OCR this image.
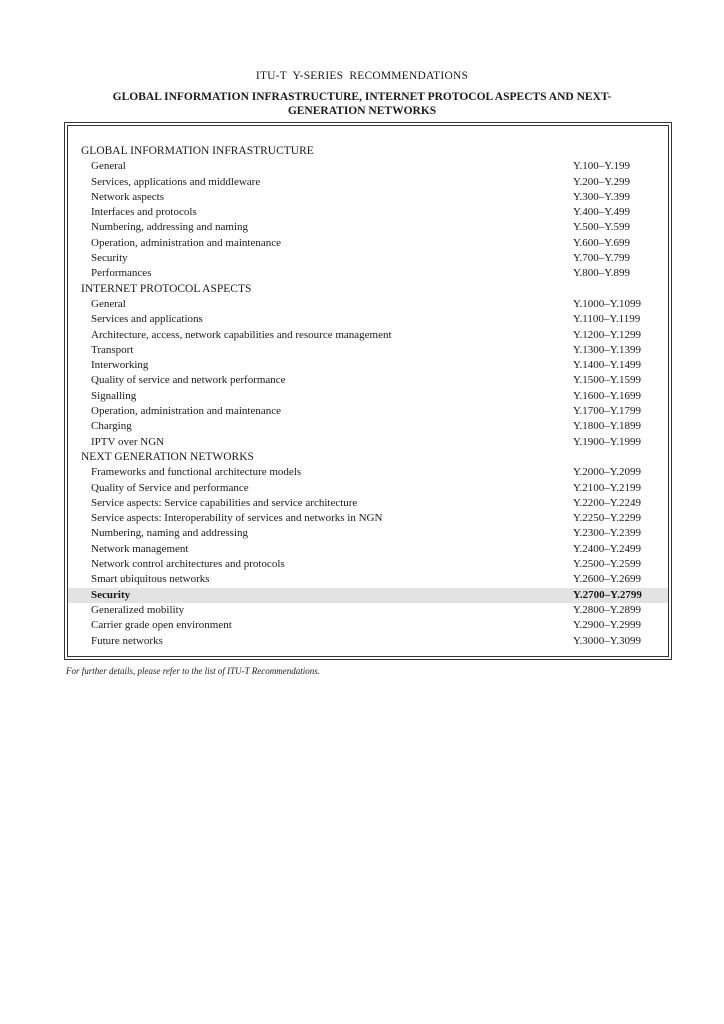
ITU-T  Y-SERIES  RECOMMENDATIONS
GLOBAL INFORMATION INFRASTRUCTURE, INTERNET PROTOCOL ASPECTS AND NEXT-GENERATION NETWORKS
GLOBAL INFORMATION INFRASTRUCTURE
General	Y.100–Y.199
Services, applications and middleware	Y.200–Y.299
Network aspects	Y.300–Y.399
Interfaces and protocols	Y.400–Y.499
Numbering, addressing and naming	Y.500–Y.599
Operation, administration and maintenance	Y.600–Y.699
Security	Y.700–Y.799
Performances	Y.800–Y.899
INTERNET PROTOCOL ASPECTS
General	Y.1000–Y.1099
Services and applications	Y.1100–Y.1199
Architecture, access, network capabilities and resource management	Y.1200–Y.1299
Transport	Y.1300–Y.1399
Interworking	Y.1400–Y.1499
Quality of service and network performance	Y.1500–Y.1599
Signalling	Y.1600–Y.1699
Operation, administration and maintenance	Y.1700–Y.1799
Charging	Y.1800–Y.1899
IPTV over NGN	Y.1900–Y.1999
NEXT GENERATION NETWORKS
Frameworks and functional architecture models	Y.2000–Y.2099
Quality of Service and performance	Y.2100–Y.2199
Service aspects: Service capabilities and service architecture	Y.2200–Y.2249
Service aspects: Interoperability of services and networks in NGN	Y.2250–Y.2299
Numbering, naming and addressing	Y.2300–Y.2399
Network management	Y.2400–Y.2499
Network control architectures and protocols	Y.2500–Y.2599
Smart ubiquitous networks	Y.2600–Y.2699
Security	Y.2700–Y.2799
Generalized mobility	Y.2800–Y.2899
Carrier grade open environment	Y.2900–Y.2999
Future networks	Y.3000–Y.3099
For further details, please refer to the list of ITU-T Recommendations.
